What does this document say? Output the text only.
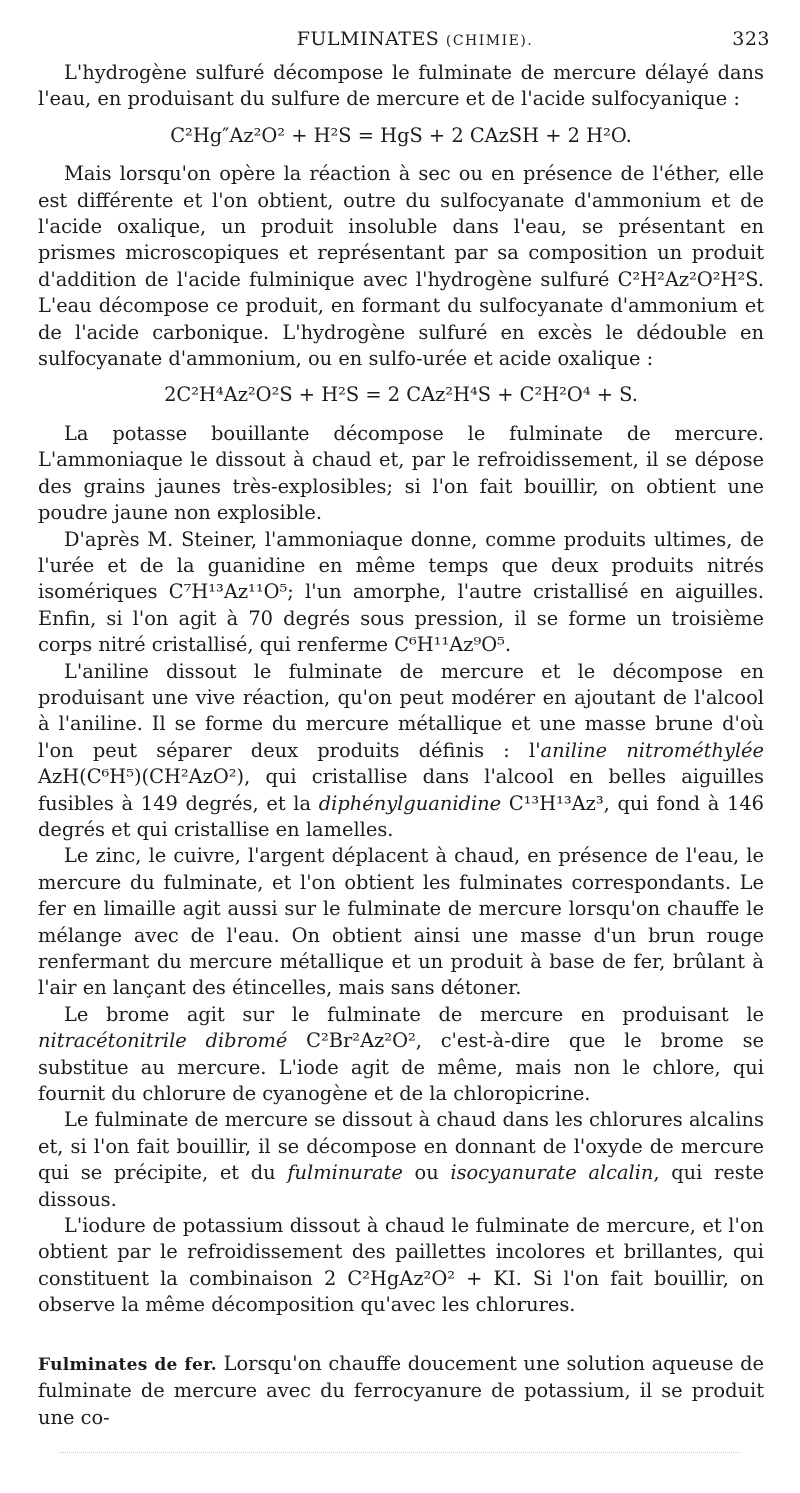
FULMINATES (CHIMIE).	323

L'hydrogène sulfuré décompose le fulminate de mercure délayé dans l'eau, en produisant du sulfure de mercure et de l'acide sulfocyanique :

C²Hg″Az²O² + H²S = HgS + 2 CAzSH + 2 H²O.

Mais lorsqu'on opère la réaction à sec ou en présence de l'éther, elle est différente et l'on obtient, outre du sulfocyanate d'ammonium et de l'acide oxalique, un produit insoluble dans l'eau, se présentant en prismes microscopiques et représentant par sa composition un produit d'addition de l'acide fulminique avec l'hydrogène sulfuré C²H²Az²O²H²S. L'eau décompose ce produit, en formant du sulfocyanate d'ammonium et de l'acide carbonique. L'hydrogène sulfuré en excès le dédouble en sulfocyanate d'ammonium, ou en sulfo-urée et acide oxalique :

2C²H⁴Az²O²S + H²S = 2 CAz²H⁴S + C²H²O⁴ + S.

La potasse bouillante décompose le fulminate de mercure. L'ammoniaque le dissout à chaud et, par le refroidissement, il se dépose des grains jaunes très-explosibles; si l'on fait bouillir, on obtient une poudre jaune non explosible.

D'après M. Steiner, l'ammoniaque donne, comme produits ultimes, de l'urée et de la guanidine en même temps que deux produits nitrés isomériques C⁷H¹³Az¹¹O⁵; l'un amorphe, l'autre cristallisé en aiguilles. Enfin, si l'on agit à 70 degrés sous pression, il se forme un troisième corps nitré cristallisé, qui renferme C⁶H¹¹Az⁹O⁵.

L'aniline dissout le fulminate de mercure et le décompose en produisant une vive réaction, qu'on peut modérer en ajoutant de l'alcool à l'aniline. Il se forme du mercure métallique et une masse brune d'où l'on peut séparer deux produits définis : l'aniline nitrométhylée AzH(C⁶H⁵)(CH²AzO²), qui cristallise dans l'alcool en belles aiguilles fusibles à 149 degrés, et la diphénylguanidine C¹³H¹³Az³, qui fond à 146 degrés et qui cristallise en lamelles.

Le zinc, le cuivre, l'argent déplacent à chaud, en présence de l'eau, le mercure du fulminate, et l'on obtient les fulminates correspondants. Le fer en limaille agit aussi sur le fulminate de mercure lorsqu'on chauffe le mélange avec de l'eau. On obtient ainsi une masse d'un brun rouge renfermant du mercure métallique et un produit à base de fer, brûlant à l'air en lançant des étincelles, mais sans détoner.

Le brome agit sur le fulminate de mercure en produisant le nitracétonitrile dibromé C²Br²Az²O², c'est-à-dire que le brome se substitue au mercure. L'iode agit de même, mais non le chlore, qui fournit du chlorure de cyanogène et de la chloropicrine.

Le fulminate de mercure se dissout à chaud dans les chlorures alcalins et, si l'on fait bouillir, il se décompose en donnant de l'oxyde de mercure qui se précipite, et du fulminurate ou isocyanurate alcalin, qui reste dissous.

L'iodure de potassium dissout à chaud le fulminate de mercure, et l'on obtient par le refroidissement des paillettes incolores et brillantes, qui constituent la combinaison 2 C²HgAz²O² + KI. Si l'on fait bouillir, on observe la même décomposition qu'avec les chlorures.

Fulminates de fer. Lorsqu'on chauffe doucement une solution aqueuse de fulminate de mercure avec du ferrocyanure de potassium, il se produit une co-
